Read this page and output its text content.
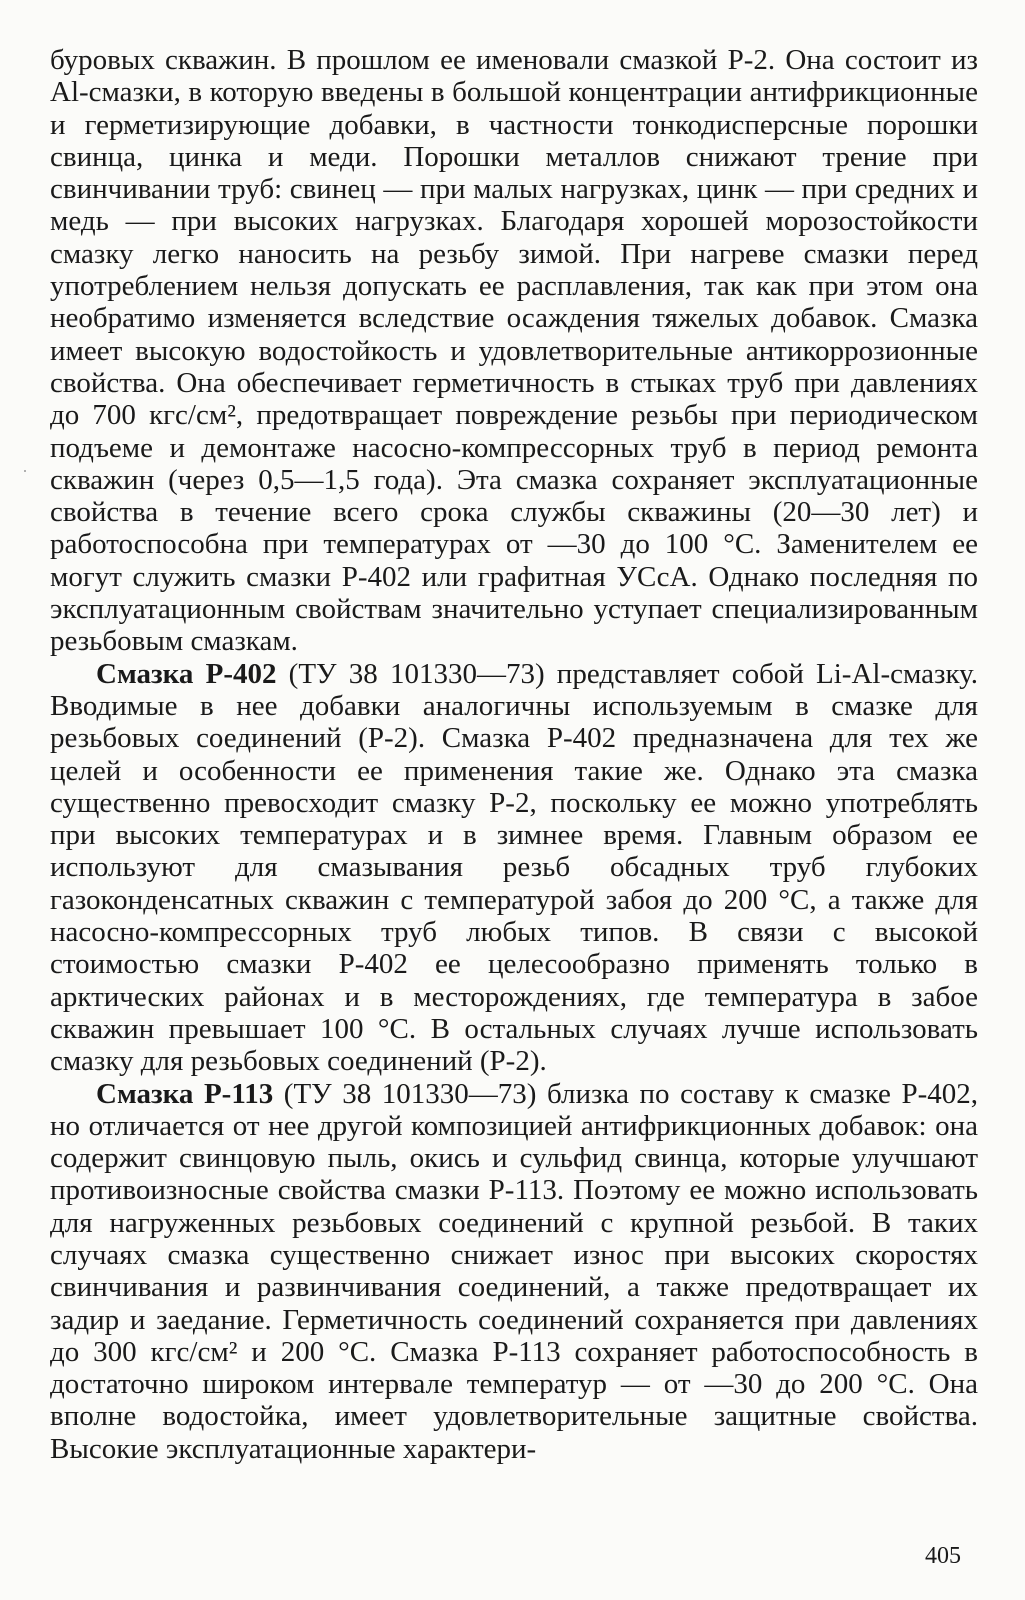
буровых скважин. В прошлом ее именовали смазкой Р-2. Она состоит из Al-смазки, в которую введены в большой концентрации антифрикционные и герметизирующие добавки, в частности тонкодисперсные порошки свинца, цинка и меди. Порошки металлов снижают трение при свинчивании труб: свинец — при малых нагрузках, цинк — при средних и медь — при высоких нагрузках. Благодаря хорошей морозостойкости смазку легко наносить на резьбу зимой. При нагреве смазки перед употреблением нельзя допускать ее расплавления, так как при этом она необратимо изменяется вследствие осаждения тяжелых добавок. Смазка имеет высокую водостойкость и удовлетворительные антикоррозионные свойства. Она обеспечивает герметичность в стыках труб при давлениях до 700 кгс/см², предотвращает повреждение резьбы при периодическом подъеме и демонтаже насосно-компрессорных труб в период ремонта скважин (через 0,5—1,5 года). Эта смазка сохраняет эксплуатационные свойства в течение всего срока службы скважины (20—30 лет) и работоспособна при температурах от —30 до 100 °С. Заменителем ее могут служить смазки Р-402 или графитная УСсА. Однако последняя по эксплуатационным свойствам значительно уступает специализированным резьбовым смазкам.

Смазка Р-402 (ТУ 38 101330—73) представляет собой Li-Al-смазку. Вводимые в нее добавки аналогичны используемым в смазке для резьбовых соединений (Р-2). Смазка Р-402 предназначена для тех же целей и особенности ее применения такие же. Однако эта смазка существенно превосходит смазку Р-2, поскольку ее можно употреблять при высоких температурах и в зимнее время. Главным образом ее используют для смазывания резьб обсадных труб глубоких газоконденсатных скважин с температурой забоя до 200 °С, а также для насосно-компрессорных труб любых типов. В связи с высокой стоимостью смазки Р-402 ее целесообразно применять только в арктических районах и в месторождениях, где температура в забое скважин превышает 100 °С. В остальных случаях лучше использовать смазку для резьбовых соединений (Р-2).

Смазка Р-113 (ТУ 38 101330—73) близка по составу к смазке Р-402, но отличается от нее другой композицией антифрикционных добавок: она содержит свинцовую пыль, окись и сульфид свинца, которые улучшают противоизносные свойства смазки Р-113. Поэтому ее можно использовать для нагруженных резьбовых соединений с крупной резьбой. В таких случаях смазка существенно снижает износ при высоких скоростях свинчивания и развинчивания соединений, а также предотвращает их задир и заедание. Герметичность соединений сохраняется при давлениях до 300 кгс/см² и 200 °С. Смазка Р-113 сохраняет работоспособность в достаточно широком интервале температур — от —30 до 200 °С. Она вполне водостойка, имеет удовлетворительные защитные свойства. Высокие эксплуатационные характери-

405
